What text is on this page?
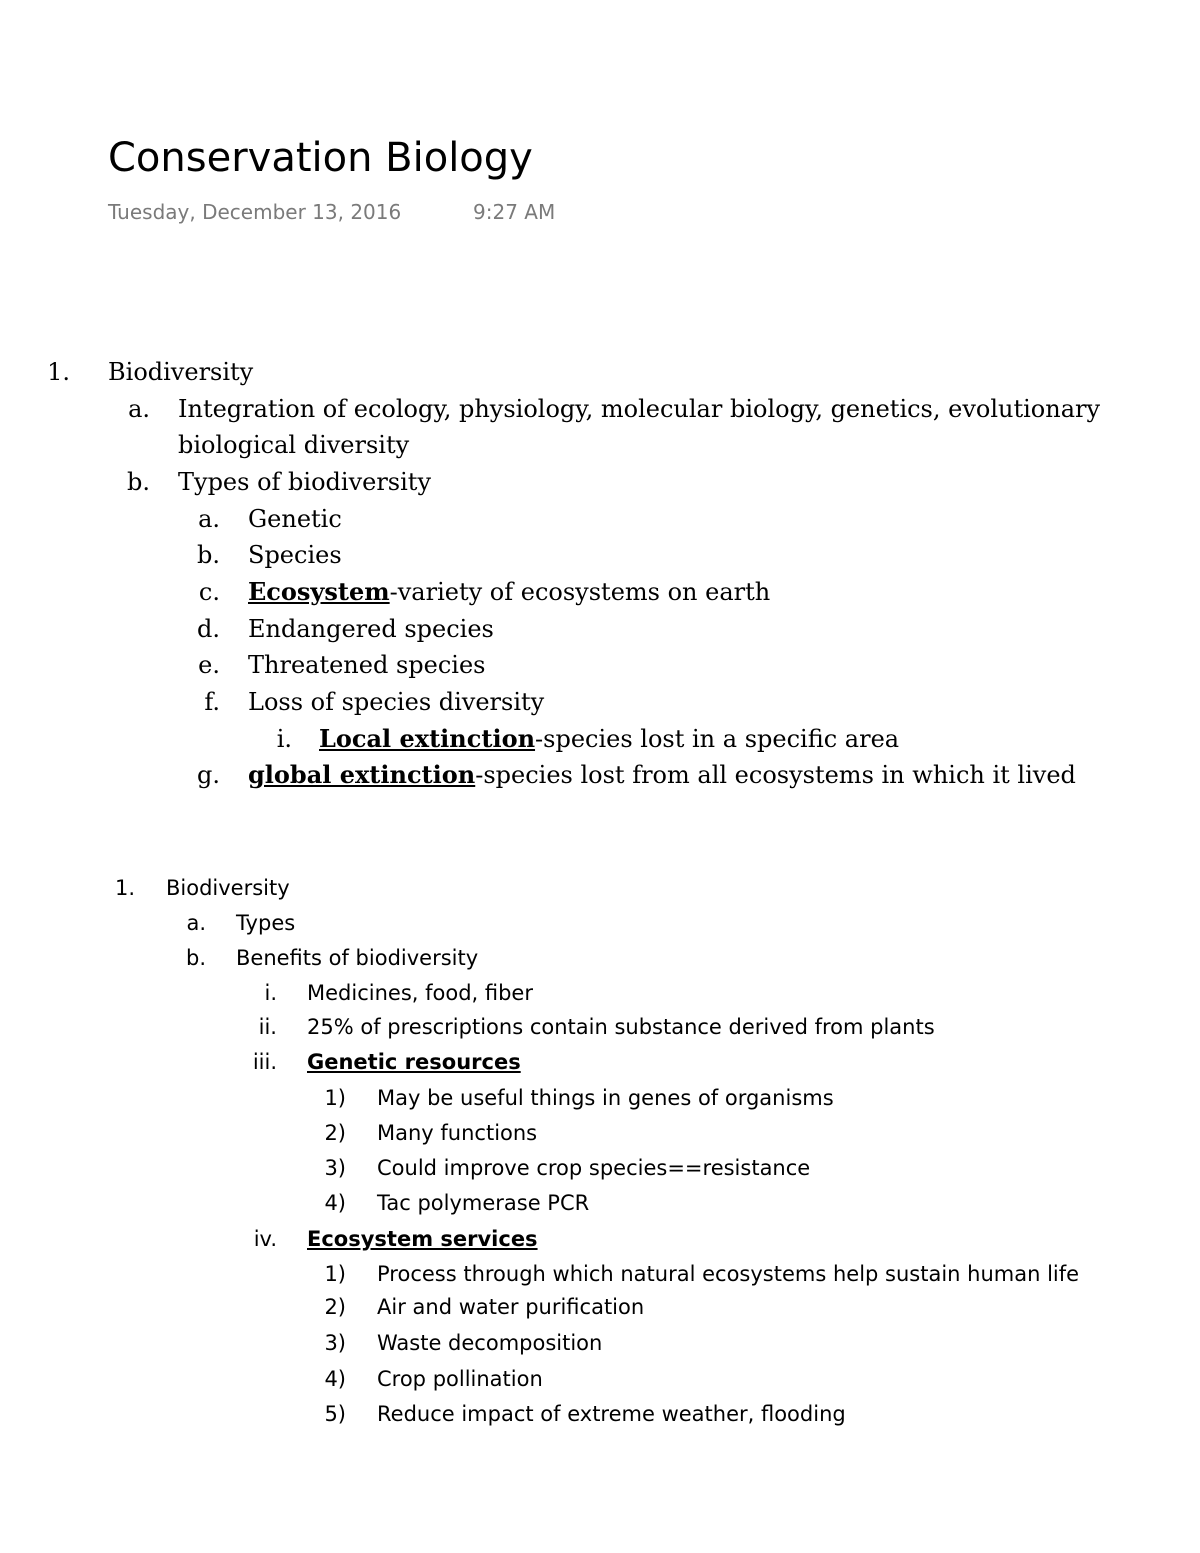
Conservation Biology
Tuesday, December 13, 2016	9:27 AM
1. Biodiversity
a. Integration of ecology, physiology, molecular biology, genetics, evolutionary
biological diversity
b. Types of biodiversity
a. Genetic
b. Species
c. Ecosystem-variety of ecosystems on earth
d. Endangered species
e. Threatened species
f. Loss of species diversity
i. Local extinction-species lost in a specific area
g. global extinction-species lost from all ecosystems in which it lived
1. Biodiversity
a. Types
b. Benefits of biodiversity
i. Medicines, food, fiber
ii. 25% of prescriptions contain substance derived from plants
iii. Genetic resources
1) May be useful things in genes of organisms
2) Many functions
3) Could improve crop species==resistance
4) Tac polymerase PCR
iv. Ecosystem services
1) Process through which natural ecosystems help sustain human life
2) Air and water purification
3) Waste decomposition
4) Crop pollination
5) Reduce impact of extreme weather, flooding
